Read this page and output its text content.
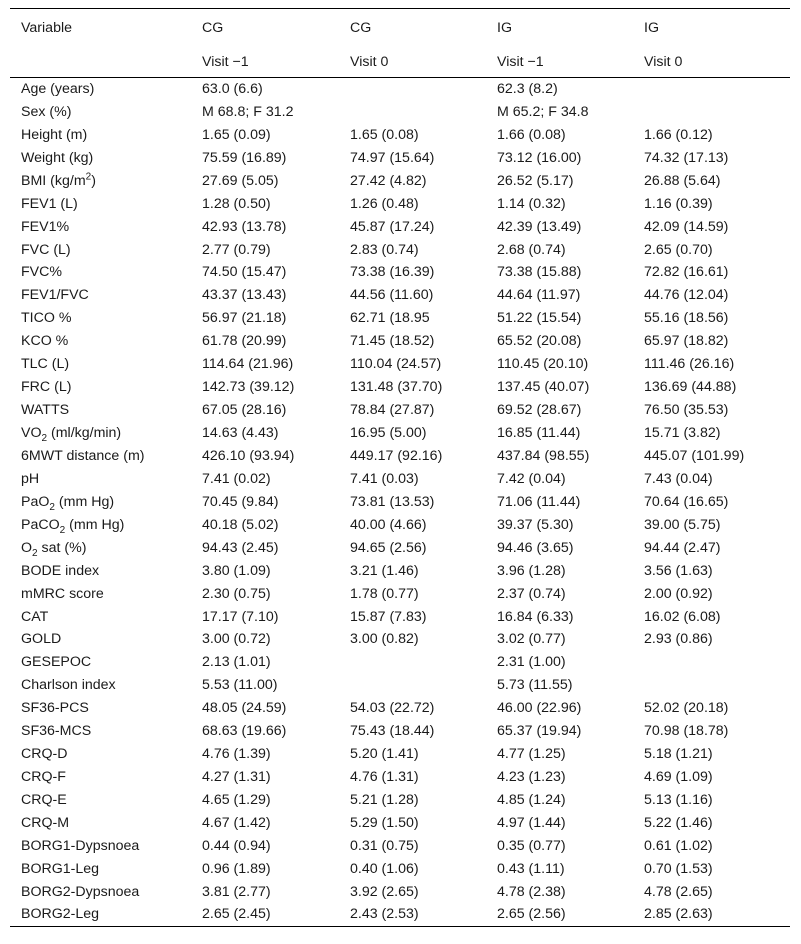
Variable	CG	CG	IG	IG
	Visit −1	Visit 0	Visit −1	Visit 0
Age (years)	63.0 (6.6)		62.3 (8.2)	
Sex (%)	M 68.8; F 31.2		M 65.2; F 34.8	
Height (m)	1.65 (0.09)	1.65 (0.08)	1.66 (0.08)	1.66 (0.12)
Weight (kg)	75.59 (16.89)	74.97 (15.64)	73.12 (16.00)	74.32 (17.13)
BMI $(kg/m^2)$	27.69 (5.05)	27.42 (4.82)	26.52 (5.17)	26.88 (5.64)
FEV1 (L)	1.28 (0.50)	1.26 (0.48)	1.14 (0.32)	1.16 (0.39)
FEV1%	42.93 (13.78)	45.87 (17.24)	42.39 (13.49)	42.09 (14.59)
FVC (L)	2.77 (0.79)	2.83 (0.74)	2.68 (0.74)	2.65 (0.70)
FVC%	74.50 (15.47)	73.38 (16.39)	73.38 (15.88)	72.82 (16.61)
FEV1/FVC	43.37 (13.43)	44.56 (11.60)	44.64 (11.97)	44.76 (12.04)
TICO %	56.97 (21.18)	62.71 (18.95	51.22 (15.54)	55.16 (18.56)
KCO %	61.78 (20.99)	71.45 (18.52)	65.52 (20.08)	65.97 (18.82)
TLC (L)	114.64 (21.96)	110.04 (24.57)	110.45 (20.10)	111.46 (26.16)
FRC (L)	142.73 (39.12)	131.48 (37.70)	137.45 (40.07)	136.69 (44.88)
WATTS	67.05 (28.16)	78.84 (27.87)	69.52 (28.67)	76.50 (35.53)
$VO_2$ (ml/kg/min)	14.63 (4.43)	16.95 (5.00)	16.85 (11.44)	15.71 (3.82)
6MWT distance (m)	426.10 (93.94)	449.17 (92.16)	437.84 (98.55)	445.07 (101.99)
pH	7.41 (0.02)	7.41 (0.03)	7.42 (0.04)	7.43 (0.04)
PaO$_2$ (mm Hg)	70.45 (9.84)	73.81 (13.53)	71.06 (11.44)	70.64 (16.65)
PaCO$_2$ (mm Hg)	40.18 (5.02)	40.00 (4.66)	39.37 (5.30)	39.00 (5.75)
$O_2$ sat (%)	94.43 (2.45)	94.65 (2.56)	94.46 (3.65)	94.44 (2.47)
BODE index	3.80 (1.09)	3.21 (1.46)	3.96 (1.28)	3.56 (1.63)
mMRC score	2.30 (0.75)	1.78 (0.77)	2.37 (0.74)	2.00 (0.92)
CAT	17.17 (7.10)	15.87 (7.83)	16.84 (6.33)	16.02 (6.08)
GOLD	3.00 (0.72)	3.00 (0.82)	3.02 (0.77)	2.93 (0.86)
GESEPOC	2.13 (1.01)		2.31 (1.00)	
Charlson index	5.53 (11.00)		5.73 (11.55)	
SF36-PCS	48.05 (24.59)	54.03 (22.72)	46.00 (22.96)	52.02 (20.18)
SF36-MCS	68.63 (19.66)	75.43 (18.44)	65.37 (19.94)	70.98 (18.78)
CRQ-D	4.76 (1.39)	5.20 (1.41)	4.77 (1.25)	5.18 (1.21)
CRQ-F	4.27 (1.31)	4.76 (1.31)	4.23 (1.23)	4.69 (1.09)
CRQ-E	4.65 (1.29)	5.21 (1.28)	4.85 (1.24)	5.13 (1.16)
CRQ-M	4.67 (1.42)	5.29 (1.50)	4.97 (1.44)	5.22 (1.46)
BORG1-Dypsnoea	0.44 (0.94)	0.31 (0.75)	0.35 (0.77)	0.61 (1.02)
BORG1-Leg	0.96 (1.89)	0.40 (1.06)	0.43 (1.11)	0.70 (1.53)
BORG2-Dypsnoea	3.81 (2.77)	3.92 (2.65)	4.78 (2.38)	4.78 (2.65)
BORG2-Leg	2.65 (2.45)	2.43 (2.53)	2.65 (2.56)	2.85 (2.63)
